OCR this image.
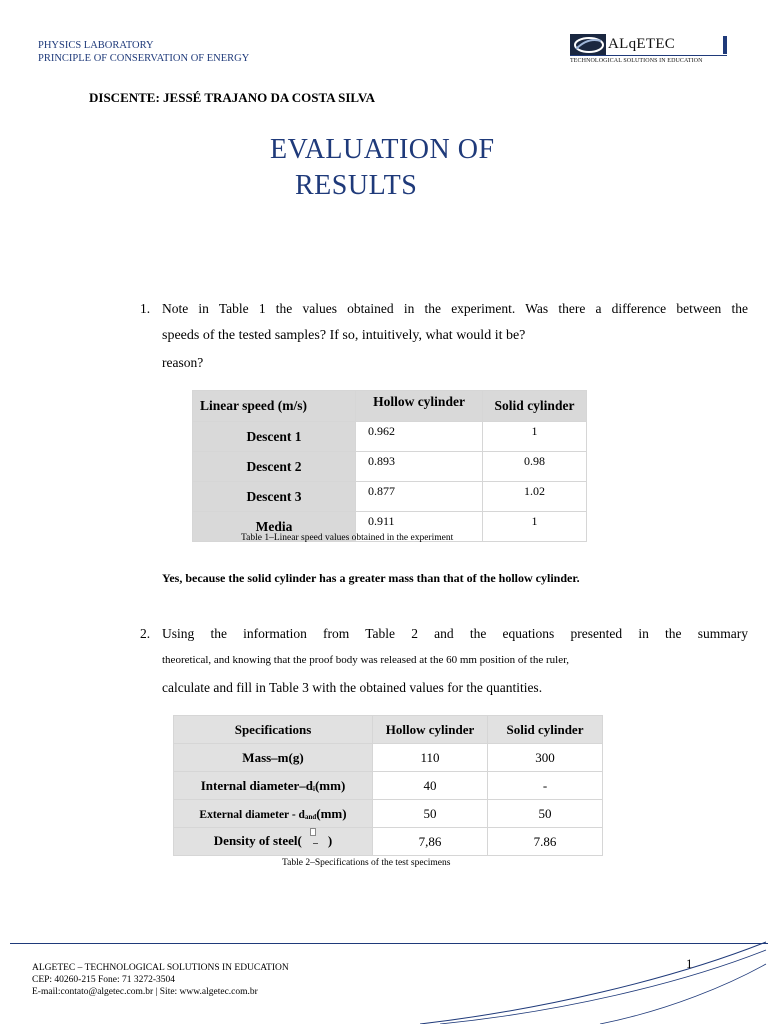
PHYSICS LABORATORY
PRINCIPLE OF CONSERVATION OF ENERGY
ALqETEC
TECHNOLOGICAL SOLUTIONS IN EDUCATION
DISCENTE: JESSÉ TRAJANO DA COSTA SILVA
EVALUATION OF
RESULTS
1. Note in Table 1 the values obtained in the experiment. Was there a difference between the
speeds of the tested samples? If so, intuitively, what would it be?
reason?
Linear speed (m/s)	Hollow cylinder	Solid cylinder
Descent 1	0.962	1
Descent 2	0.893	0.98
Descent 3	0.877	1.02
Media	0.911	1
Table 1–Linear speed values obtained in the experiment
Yes, because the solid cylinder has a greater mass than that of the hollow cylinder.
2. Using the information from Table 2 and the equations presented in the summary
theoretical, and knowing that the proof body was released at the 60 mm position of the ruler,
calculate and fill in Table 3 with the obtained values for the quantities.
Specifications	Hollow cylinder	Solid cylinder
Mass–m(g)	110	300
Internal diameter–di(mm)	40	-
External diameter - dand(mm)	50	50
Density of steel( )	7,86	7.86
Table 2–Specifications of the test specimens
1
ALGETEC – TECHNOLOGICAL SOLUTIONS IN EDUCATION
CEP: 40260-215 Fone: 71 3272-3504
E-mail:contato@algetec.com.br | Site: www.algetec.com.br
